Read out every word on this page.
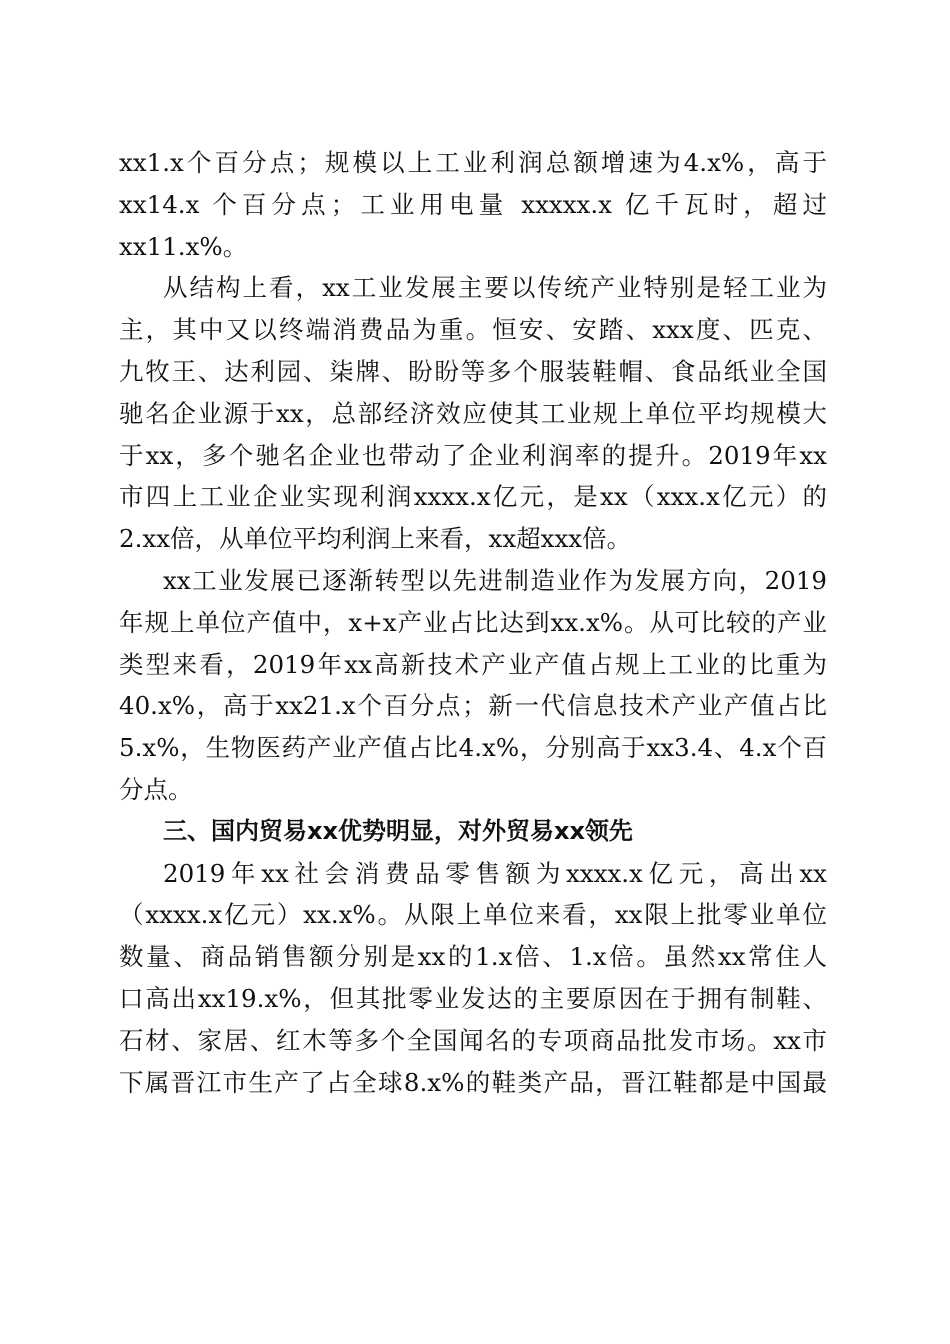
xx1.x个百分点；规模以上工业利润总额增速为4.x%，高于
xx14.x 个百分点；工业用电量 xxxxx.x 亿千瓦时，超过
xx11.x%。
从结构上看，xx工业发展主要以传统产业特别是轻工业为
主，其中又以终端消费品为重。恒安、安踏、xxx度、匹克、
九牧王、达利园、柒牌、盼盼等多个服装鞋帽、食品纸业全国
驰名企业源于xx，总部经济效应使其工业规上单位平均规模大
于xx，多个驰名企业也带动了企业利润率的提升。2019年xx
市四上工业企业实现利润xxxx.x亿元，是xx（xxx.x亿元）的
2.xx倍，从单位平均利润上来看，xx超xxx倍。
xx工业发展已逐渐转型以先进制造业作为发展方向，2019
年规上单位产值中，x+x产业占比达到xx.x%。从可比较的产业
类型来看，2019年xx高新技术产业产值占规上工业的比重为
40.x%，高于xx21.x个百分点；新一代信息技术产业产值占比
5.x%，生物医药产业产值占比4.x%，分别高于xx3.4、4.x个百
分点。
三、国内贸易xx优势明显，对外贸易xx领先
2019年xx社会消费品零售额为xxxx.x亿元，高出xx
（xxxx.x亿元）xx.x%。从限上单位来看，xx限上批零业单位
数量、商品销售额分别是xx的1.x倍、1.x倍。虽然xx常住人
口高出xx19.x%，但其批零业发达的主要原因在于拥有制鞋、
石材、家居、红木等多个全国闻名的专项商品批发市场。xx市
下属晋江市生产了占全球8.x%的鞋类产品，晋江鞋都是中国最
